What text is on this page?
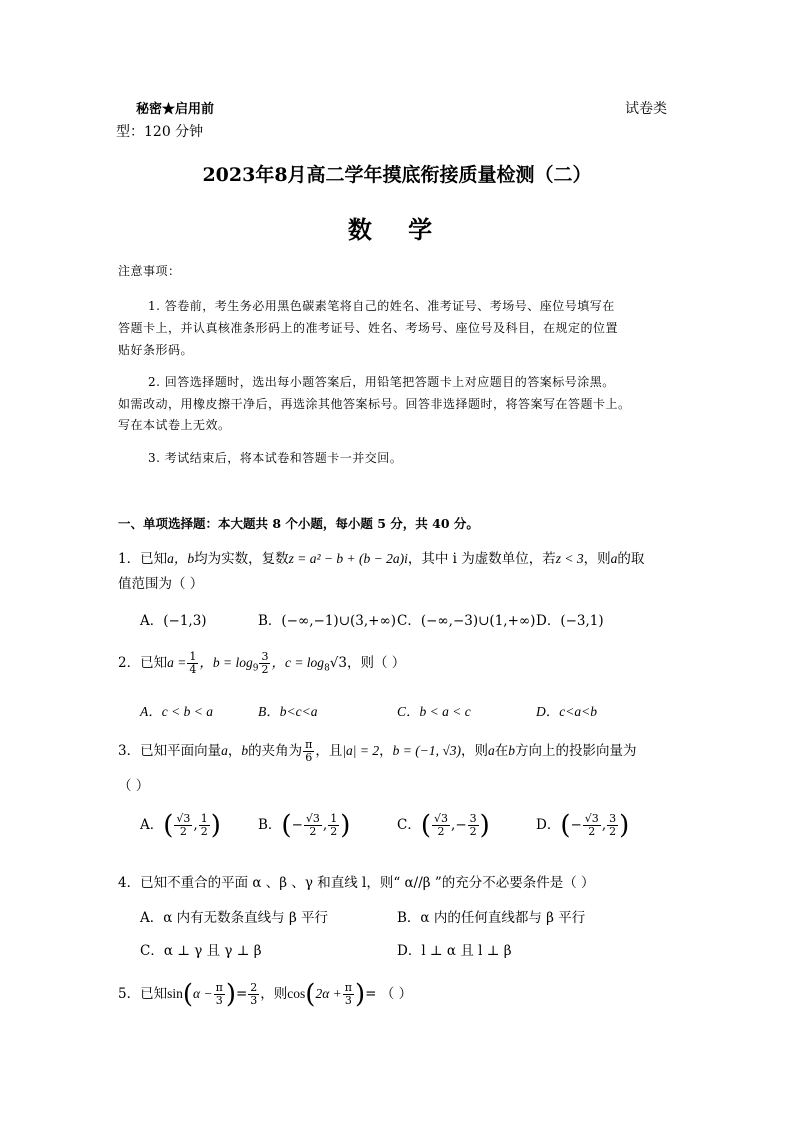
秘密★启用前	试卷类
型：120 分钟
2023年8月高二学年摸底衔接质量检测（二）
数 学
注意事项：
1. 答卷前，考生务必用黑色碳素笔将自己的姓名、准考证号、考场号、座位号填写在
答题卡上，并认真核准条形码上的准考证号、姓名、考场号、座位号及科目，在规定的位置
贴好条形码。
2. 回答选择题时，选出每小题答案后，用铅笔把答题卡上对应题目的答案标号涂黑。
如需改动，用橡皮擦干净后，再选涂其他答案标号。回答非选择题时，将答案写在答题卡上。
写在本试卷上无效。
3. 考试结束后，将本试卷和答题卡一并交回。
一、单项选择题：本大题共 8 个小题，每小题 5 分，共 40 分。
1．已知a，b均为实数，复数z = a² − b + (b − 2a)i，其中 i 为虚数单位，若z < 3，则a的取
值范围为（ ）
A．(−1,3)	B．(−∞,−1)∪(3,+∞) C．(−∞,−3)∪(1,+∞) D．(−3,1)
2．已知$a = \frac{1}{4}$ ，$b = \log_9 \frac{3}{2}$ ，$c = \log_8√3$，则（ ）
A．c < b < a	B．b<c<a	C．b < a < c	D．c<a<b
3．已知平面向量a，b的夹角为 $\frac{\pi}{6}$ ，且|a| = 2，b = (−1, √3)，则a在b方向上的投影向量为
（ ）
A．( $\frac{√3}{2}$ , $\frac{1}{2}$ )	B．(− $\frac{√3}{2}$ , $\frac{1}{2}$ )	C．( $\frac{√3}{2}$ ,− $\frac{3}{2}$ )	D．(− $\frac{√3}{2}$ , $\frac{3}{2}$ )
4．已知不重合的平面 α 、β 、γ 和直线 l，则“ α//β ”的充分不必要条件是（ ）
A．α 内有无数条直线与 β 平行	B．α 内的任何直线都与 β 平行
C．α ⊥ γ 且 γ ⊥ β	D．l ⊥ α 且 l ⊥ β
5．已知$\sin(\alpha - \frac{\pi}{3}$ )= $\frac{2}{3}$ ，则$\cos(2\alpha + \frac{\pi}{3}$ )= （ ）
